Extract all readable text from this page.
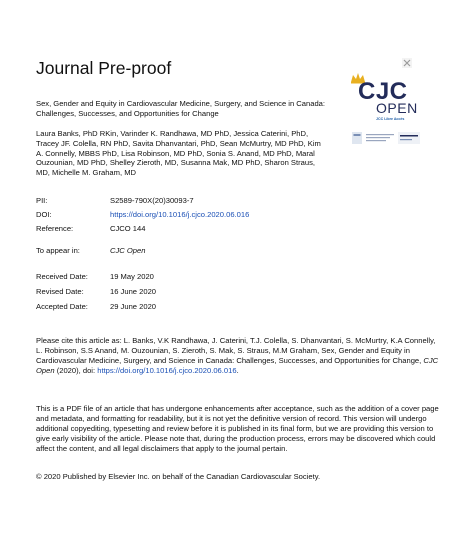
Journal Pre-proof
CJC
OPEN
JCC Libre Accès
Sex, Gender and Equity in Cardiovascular Medicine, Surgery, and Science in Canada: Challenges, Successes, and Opportunities for Change
Laura Banks, PhD RKin, Varinder K. Randhawa, MD PhD, Jessica Caterini, PhD, Tracey JF. Colella, RN PhD, Savita Dhanvantari, PhD, Sean McMurtry, MD PhD, Kim A. Connelly, MBBS PhD, Lisa Robinson, MD PhD, Sonia S. Anand, MD PhD, Maral Ouzounian, MD PhD, Shelley Zieroth, MD, Susanna Mak, MD PhD, Sharon Straus, MD, Michelle M. Graham, MD
PII:	S2589-790X(20)30093-7
DOI:	https://doi.org/10.1016/j.cjco.2020.06.016
Reference:	CJCO 144
To appear in:	CJC Open
Received Date:	19 May 2020
Revised Date:	16 June 2020
Accepted Date:	29 June 2020
Please cite this article as: L. Banks, V.K Randhawa, J. Caterini, T.J. Colella, S. Dhanvantari, S. McMurtry, K.A Connelly, L. Robinson, S.S Anand, M. Ouzounian, S. Zieroth, S. Mak, S. Straus, M.M Graham, Sex, Gender and Equity in Cardiovascular Medicine, Surgery, and Science in Canada: Challenges, Successes, and Opportunities for Change, CJC Open (2020), doi: https://doi.org/10.1016/j.cjco.2020.06.016.
This is a PDF file of an article that has undergone enhancements after acceptance, such as the addition of a cover page and metadata, and formatting for readability, but it is not yet the definitive version of record. This version will undergo additional copyediting, typesetting and review before it is published in its final form, but we are providing this version to give early visibility of the article. Please note that, during the production process, errors may be discovered which could affect the content, and all legal disclaimers that apply to the journal pertain.
© 2020 Published by Elsevier Inc. on behalf of the Canadian Cardiovascular Society.
